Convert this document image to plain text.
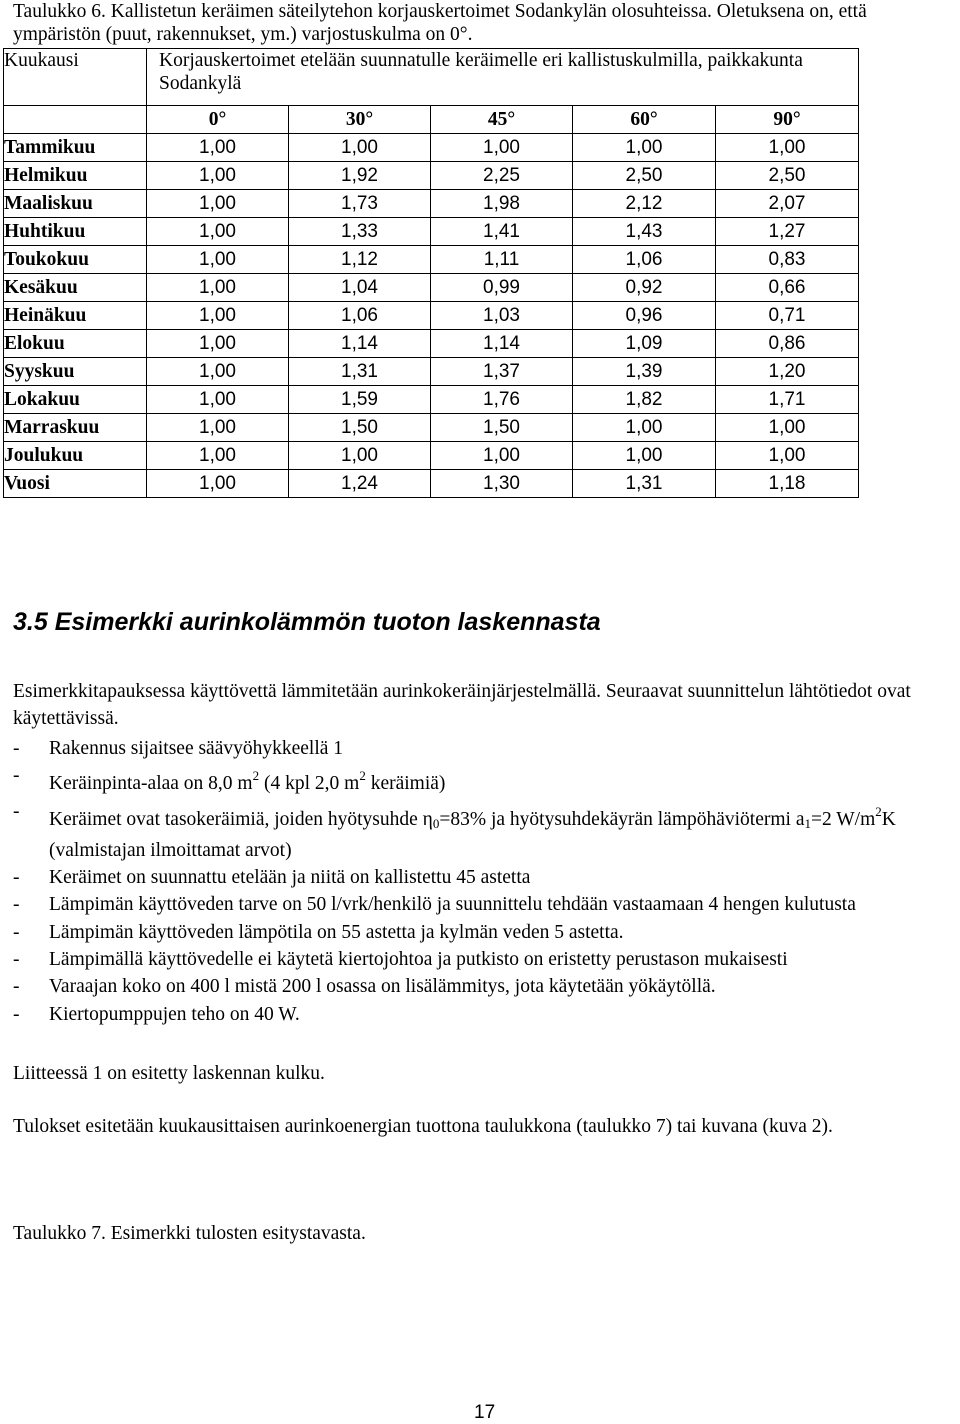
Taulukko 6. Kallistetun keräimen säteilytehon korjauskertoimet Sodankylän olosuhteissa. Oletuksena on, että ympäristön (puut, rakennukset, ym.) varjostuskulma on 0°.
Kuukausi	Korjauskertoimet etelään suunnatulle keräimelle eri kallistuskulmilla, paikkakunta Sodankylä				
	0°	30°	45°	60°	90°
Tammikuu	1,00	1,00	1,00	1,00	1,00
Helmikuu	1,00	1,92	2,25	2,50	2,50
Maaliskuu	1,00	1,73	1,98	2,12	2,07
Huhtikuu	1,00	1,33	1,41	1,43	1,27
Toukokuu	1,00	1,12	1,11	1,06	0,83
Kesäkuu	1,00	1,04	0,99	0,92	0,66
Heinäkuu	1,00	1,06	1,03	0,96	0,71
Elokuu	1,00	1,14	1,14	1,09	0,86
Syyskuu	1,00	1,31	1,37	1,39	1,20
Lokakuu	1,00	1,59	1,76	1,82	1,71
Marraskuu	1,00	1,50	1,50	1,00	1,00
Joulukuu	1,00	1,00	1,00	1,00	1,00
Vuosi	1,00	1,24	1,30	1,31	1,18
3.5 Esimerkki aurinkolämmön tuoton laskennasta
Esimerkkitapauksessa käyttövettä lämmitetään aurinkokeräinjärjestelmällä. Seuraavat suunnittelun lähtötiedot ovat käytettävissä.
- Rakennus sijaitsee säävyöhykkeellä 1
- Keräinpinta-alaa on 8,0 $m^2$ (4 kpl 2,0 $m^2$ keräimiä)
- Keräimet ovat tasokeräimiä, joiden hyötysuhde $\eta_0=83\%$ ja hyötysuhdekäyrän lämpöhäviötermi $a_1=2$ $W/m^2K$ (valmistajan ilmoittamat arvot)
- Keräimet on suunnattu etelään ja niitä on kallistettu 45 astetta
- Lämpimän käyttöveden tarve on 50 l/vrk/henkilö ja suunnittelu tehdään vastaamaan 4 hengen kulutusta
- Lämpimän käyttöveden lämpötila on 55 astetta ja kylmän veden 5 astetta.
- Lämpimällä käyttövedelle ei käytetä kiertojohtoa ja putkisto on eristetty perustason mukaisesti
- Varaajan koko on 400 l mistä 200 l osassa on lisälämmitys, jota käytetään yökäytöllä.
- Kiertopumppujen teho on 40 W.
Liitteessä 1 on esitetty laskennan kulku.
Tulokset esitetään kuukausittaisen aurinkoenergian tuottona taulukkona (taulukko 7) tai kuvana (kuva 2).
Taulukko 7. Esimerkki tulosten esitystavasta.
17
